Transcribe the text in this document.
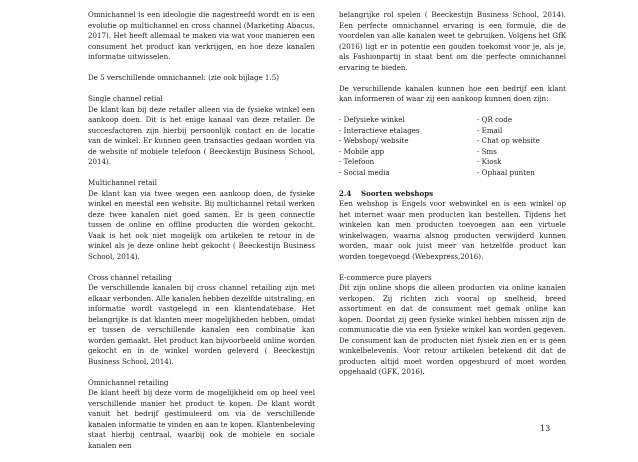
Omnichannel is een ideologie die nagestreefd wordt en is een evolutie op multichannel en cross channel (Marketing Abacus, 2017). Het heeft allemaal te maken via wat voor manieren een consument het product kan verkrijgen, en hoe deze kanalen informatie uitwisselen.

De 5 verschillende omnichannel: (zie ook bijlage 1.5)

Single channel retial

De klant kan bij deze retailer alleen via de fysieke winkel een aankoop doen. Dit is het enige kanaal van deze retailer. De succesfactoren zijn hierbij persoonlijk contact en de locatie van de winkel. Er kunnen geen transacties gedaan worden via de website of mobiele telefoon ( Beeckestijn Business School, 2014).

Multichannel retail

De klant kan via twee wegen een aankoop doen, de fysieke winkel en meestal een website. Bij multichannel retail werken deze twee kanalen niet goed samen. Er is geen connectie tussen de online en offline producten die worden gekocht. Vaak is het ook niet mogelijk om artikelen te retour in de winkel als je deze online hebt gekocht ( Beeckestijn Business School, 2014).

Cross channel retailing

De verschillende kanalen bij cross channel retailing zijn met elkaar verbonden. Alle kanalen hebben dezelfde uitstraling, en informatie wordt vastgelegd in een klantendatebase. Het belangrijke is dat klanten meer mogelijkheden hebben, omdat er tussen de verschillende kanalen een combinatie kan worden gemaakt. Het product kan bijvoorbeeld online worden gekocht en in de winkel worden geleverd ( Beeckestijn Business School, 2014).

Omnichannel retailing

De klant heeft bij deze vorm de mogelijkheid om op heel veel verschillende manier het product te kopen. De klant wordt vanuit het bedrijf gestimuleerd om via de verschillende kanalen informatie te vinden en aan te kopen. Klantenbeleving staat hierbij centraal, waarbij ook de mobiele en sociale kanalen een

belangrijke rol spelen ( Beeckestijn Business School, 2014). Een perfecte omnichannel ervaring is een formule, die de voordelen van alle kanalen weet te gebruiken. Volgens het GfK (2016) ligt er in potentie een gouden toekomst voor je, als je, als Fashionpartij in staat bent om die perfecte omnichannel ervaring te bieden.

De verschillende kanalen kunnen hoe een bedrijf een klant kan informeren of waar zij een aankoop kunnen doen zijn:

- Defysieke winkel	- QR code
- Interactieve etalages	- Email
- Webshop/ website	- Chat op website
- Mobile app	- Sms
- Telefoon	- Kiosk
- Social media	- Ophaal punten

2.4 Soorten webshops

Een webshop is Engels voor webwinkel en is een winkel op het internet waar men producten kan bestellen. Tijdens het winkelen kan men producten toevoegen aan een virtuele winkelwagen, waarna alsnog producten verwijderd kunnen worden, maar ook juist meer van hetzelfde product kan worden toegevoegd (Webexpress,2016).

E-commerce pure players

Dit zijn online shops die alleen producten via online kanalen verkopen. Zij richten zich vooral op snelheid, breed assortiment en dat de consument met gemak online kan kopen. Doordat zij geen fysieke winkel hebben missen zijn de communicatie die via een fysieke winkel kan worden gegeven. De consument kan de producten niet fysiek zien en er is geen winkelbelevenis. Voor retour artikelen betekend dit dat de producten altijd moet worden opgestuurd of moet worden opgehaald (GFK, 2016).

13
